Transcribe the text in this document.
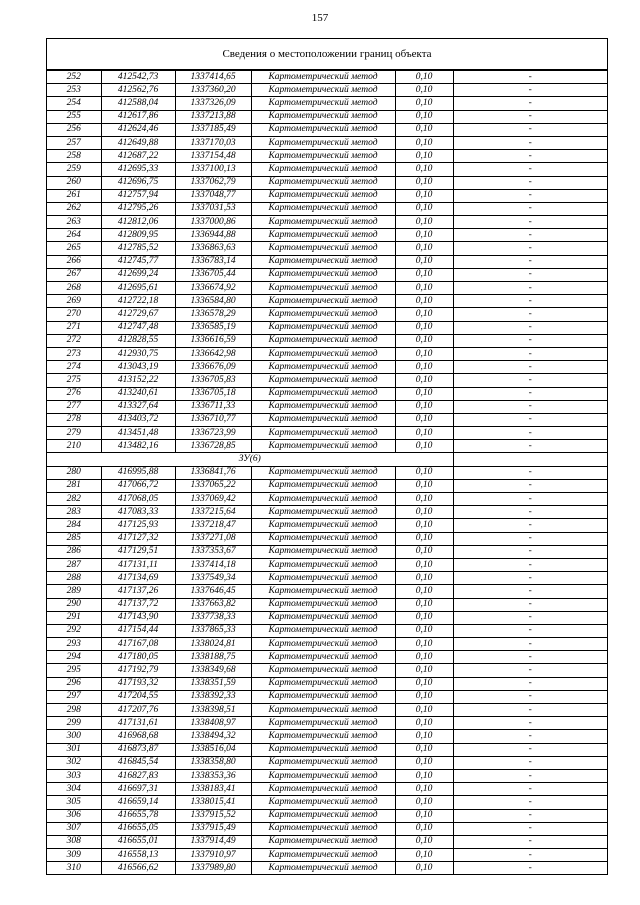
157
Сведения о местоположении границ объекта
252	412542,73	1337414,65	Картометрический метод	0,10	-
253	412562,76	1337360,20	Картометрический метод	0,10	-
254	412588,04	1337326,09	Картометрический метод	0,10	-
255	412617,86	1337213,88	Картометрический метод	0,10	-
256	412624,46	1337185,49	Картометрический метод	0,10	-
257	412649,88	1337170,03	Картометрический метод	0,10	-
258	412687,22	1337154,48	Картометрический метод	0,10	-
259	412695,33	1337100,13	Картометрический метод	0,10	-
260	412696,75	1337062,79	Картометрический метод	0,10	-
261	412757,94	1337048,77	Картометрический метод	0,10	-
262	412795,26	1337031,53	Картометрический метод	0,10	-
263	412812,06	1337000,86	Картометрический метод	0,10	-
264	412809,95	1336944,88	Картометрический метод	0,10	-
265	412785,52	1336863,63	Картометрический метод	0,10	-
266	412745,77	1336783,14	Картометрический метод	0,10	-
267	412699,24	1336705,44	Картометрический метод	0,10	-
268	412695,61	1336674,92	Картометрический метод	0,10	-
269	412722,18	1336584,80	Картометрический метод	0,10	-
270	412729,67	1336578,29	Картометрический метод	0,10	-
271	412747,48	1336585,19	Картометрический метод	0,10	-
272	412828,55	1336616,59	Картометрический метод	0,10	-
273	412930,75	1336642,98	Картометрический метод	0,10	-
274	413043,19	1336676,09	Картометрический метод	0,10	-
275	413152,22	1336705,83	Картометрический метод	0,10	-
276	413240,61	1336705,18	Картометрический метод	0,10	-
277	413327,64	1336711,33	Картометрический метод	0,10	-
278	413403,72	1336710,77	Картометрический метод	0,10	-
279	413451,48	1336723,99	Картометрический метод	0,10	-
210	413482,16	1336728,85	Картометрический метод	0,10	-
ЗУ(6)					
280	416995,88	1336841,76	Картометрический метод	0,10	-
281	417066,72	1337065,22	Картометрический метод	0,10	-
282	417068,05	1337069,42	Картометрический метод	0,10	-
283	417083,33	1337215,64	Картометрический метод	0,10	-
284	417125,93	1337218,47	Картометрический метод	0,10	-
285	417127,32	1337271,08	Картометрический метод	0,10	-
286	417129,51	1337353,67	Картометрический метод	0,10	-
287	417131,11	1337414,18	Картометрический метод	0,10	-
288	417134,69	1337549,34	Картометрический метод	0,10	-
289	417137,26	1337646,45	Картометрический метод	0,10	-
290	417137,72	1337663,82	Картометрический метод	0,10	-
291	417143,90	1337738,33	Картометрический метод	0,10	-
292	417154,44	1337865,33	Картометрический метод	0,10	-
293	417167,08	1338024,81	Картометрический метод	0,10	-
294	417180,05	1338188,75	Картометрический метод	0,10	-
295	417192,79	1338349,68	Картометрический метод	0,10	-
296	417193,32	1338351,59	Картометрический метод	0,10	-
297	417204,55	1338392,33	Картометрический метод	0,10	-
298	417207,76	1338398,51	Картометрический метод	0,10	-
299	417131,61	1338408,97	Картометрический метод	0,10	-
300	416968,68	1338494,32	Картометрический метод	0,10	-
301	416873,87	1338516,04	Картометрический метод	0,10	-
302	416845,54	1338358,80	Картометрический метод	0,10	-
303	416827,83	1338353,36	Картометрический метод	0,10	-
304	416697,31	1338183,41	Картометрический метод	0,10	-
305	416659,14	1338015,41	Картометрический метод	0,10	-
306	416655,78	1337915,52	Картометрический метод	0,10	-
307	416655,05	1337915,49	Картометрический метод	0,10	-
308	416655,01	1337914,49	Картометрический метод	0,10	-
309	416558,13	1337910,97	Картометрический метод	0,10	-
310	416566,62	1337989,80	Картометрический метод	0,10	-
